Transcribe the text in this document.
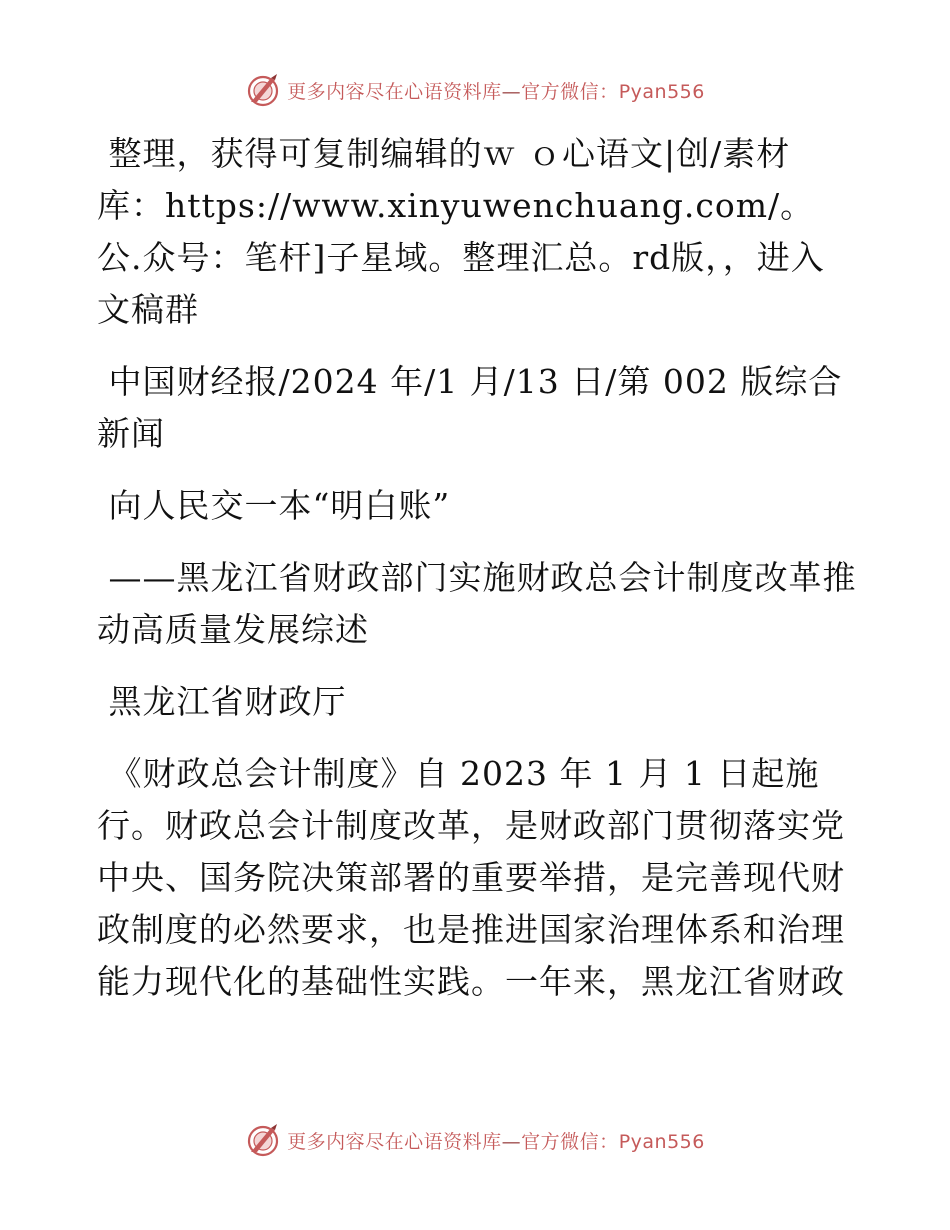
更多内容尽在心语资料库—官方微信：Pyan556

整理，获得可复制编辑的ｗ ｏ心语文|创/素材库：https://www.xinyuwenchuang.com/。公.众号：笔杆]子星域。整理汇总。rd版，，进入文稿群

中国财经报/2024 年/1 月/13 日/第 002 版综合新闻

向人民交一本“明白账”

——黑龙江省财政部门实施财政总会计制度改革推动高质量发展综述

黑龙江省财政厅

《财政总会计制度》自 2023 年 1 月 1 日起施行。财政总会计制度改革，是财政部门贯彻落实党中央、国务院决策部署的重要举措，是完善现代财政制度的必然要求，也是推进国家治理体系和治理能力现代化的基础性实践。一年来，黑龙江省财政

更多内容尽在心语资料库—官方微信：Pyan556
